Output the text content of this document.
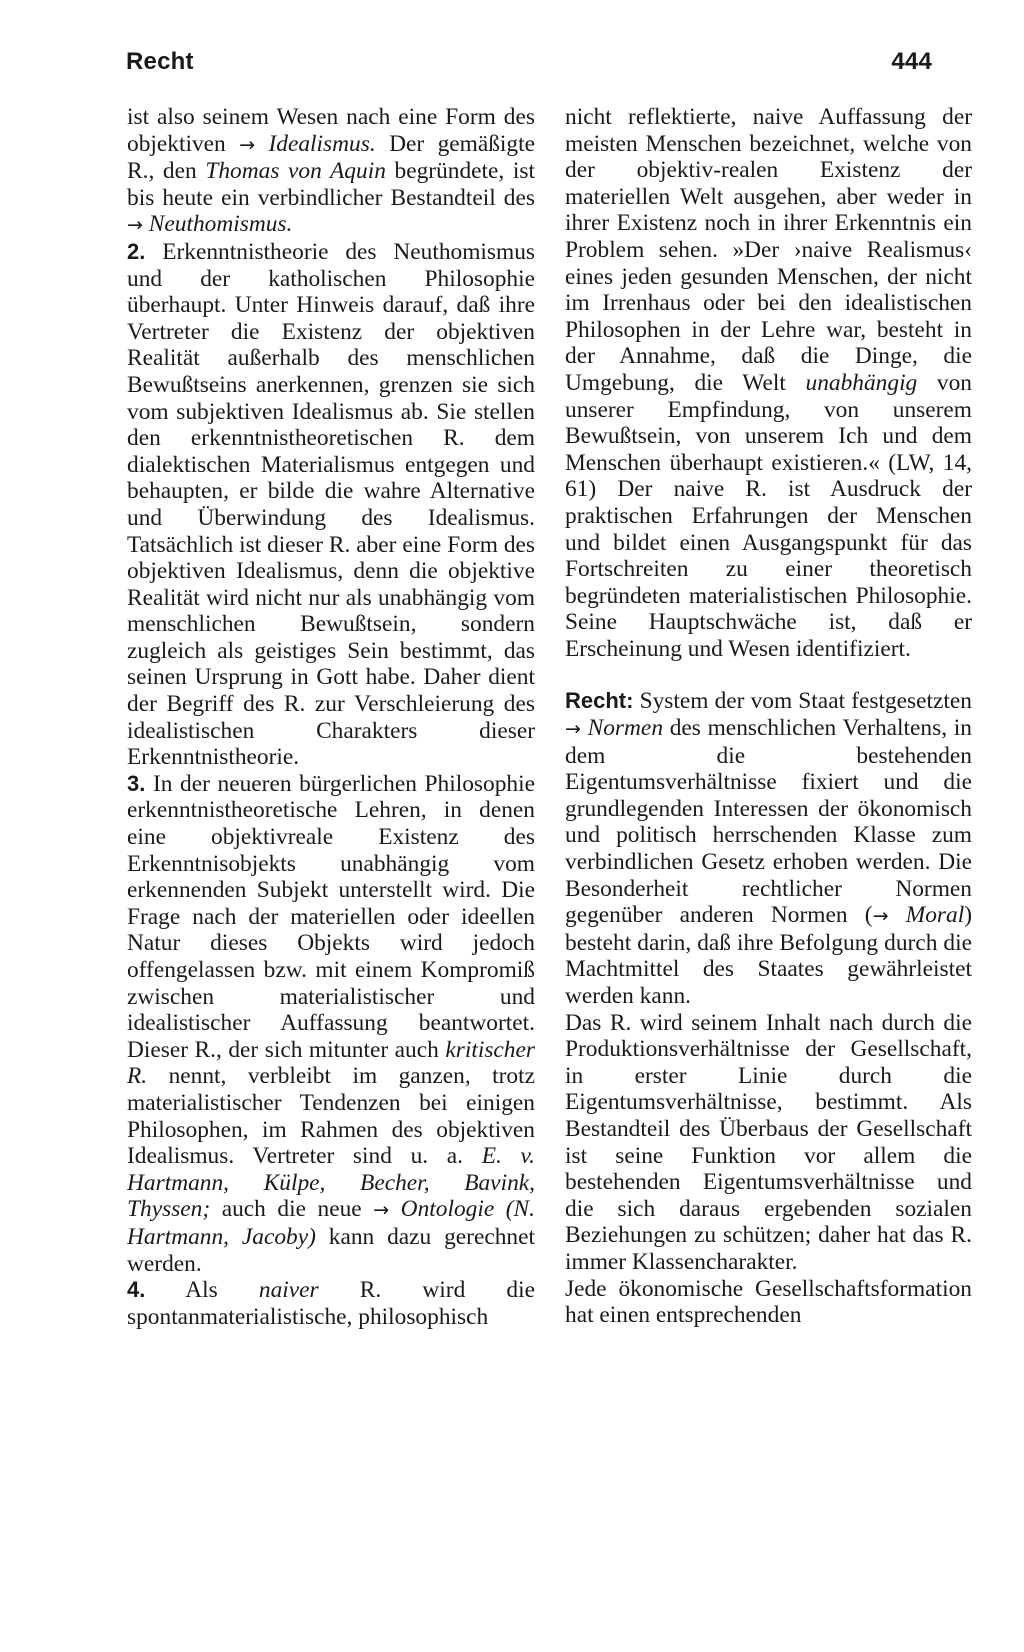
Recht	444

ist also seinem Wesen nach eine Form des objektiven → Idealismus. Der gemäßigte R., den Thomas von Aquin begründete, ist bis heute ein verbindlicher Bestandteil des → Neuthomismus.

2. Erkenntnistheorie des Neuthomismus und der katholischen Philosophie überhaupt. Unter Hinweis darauf, daß ihre Vertreter die Existenz der objektiven Realität außerhalb des menschlichen Bewußtseins anerkennen, grenzen sie sich vom subjektiven Idealismus ab. Sie stellen den erkenntnistheoretischen R. dem dialektischen Materialismus entgegen und behaupten, er bilde die wahre Alternative und Überwindung des Idealismus. Tatsächlich ist dieser R. aber eine Form des objektiven Idealismus, denn die objektive Realität wird nicht nur als unabhängig vom menschlichen Bewußtsein, sondern zugleich als geistiges Sein bestimmt, das seinen Ursprung in Gott habe. Daher dient der Begriff des R. zur Verschleierung des idealistischen Charakters dieser Erkenntnistheorie.

3. In der neueren bürgerlichen Philosophie erkenntnistheoretische Lehren, in denen eine objektivreale Existenz des Erkenntnisobjekts unabhängig vom erkennenden Subjekt unterstellt wird. Die Frage nach der materiellen oder ideellen Natur dieses Objekts wird jedoch offengelassen bzw. mit einem Kompromiß zwischen materialistischer und idealistischer Auffassung beantwortet. Dieser R., der sich mitunter auch kritischer R. nennt, verbleibt im ganzen, trotz materialistischer Tendenzen bei einigen Philosophen, im Rahmen des objektiven Idealismus. Vertreter sind u. a. E. v. Hartmann, Külpe, Becher, Bavink, Thyssen; auch die neue → Ontologie (N. Hartmann, Jacoby) kann dazu gerechnet werden.

4. Als naiver R. wird die spontanmaterialistische, philosophisch

nicht reflektierte, naive Auffassung der meisten Menschen bezeichnet, welche von der objektiv-realen Existenz der materiellen Welt ausgehen, aber weder in ihrer Existenz noch in ihrer Erkenntnis ein Problem sehen. »Der ›naive Realismus‹ eines jeden gesunden Menschen, der nicht im Irrenhaus oder bei den idealistischen Philosophen in der Lehre war, besteht in der Annahme, daß die Dinge, die Umgebung, die Welt unabhängig von unserer Empfindung, von unserem Bewußtsein, von unserem Ich und dem Menschen überhaupt existieren.« (LW, 14, 61) Der naive R. ist Ausdruck der praktischen Erfahrungen der Menschen und bildet einen Ausgangspunkt für das Fortschreiten zu einer theoretisch begründeten materialistischen Philosophie. Seine Hauptschwäche ist, daß er Erscheinung und Wesen identifiziert.

Recht: System der vom Staat festgesetzten → Normen des menschlichen Verhaltens, in dem die bestehenden Eigentumsverhältnisse fixiert und die grundlegenden Interessen der ökonomisch und politisch herrschenden Klasse zum verbindlichen Gesetz erhoben werden. Die Besonderheit rechtlicher Normen gegenüber anderen Normen (→ Moral) besteht darin, daß ihre Befolgung durch die Machtmittel des Staates gewährleistet werden kann.

Das R. wird seinem Inhalt nach durch die Produktionsverhältnisse der Gesellschaft, in erster Linie durch die Eigentumsverhältnisse, bestimmt. Als Bestandteil des Überbaus der Gesellschaft ist seine Funktion vor allem die bestehenden Eigentumsverhältnisse und die sich daraus ergebenden sozialen Beziehungen zu schützen; daher hat das R. immer Klassencharakter.

Jede ökonomische Gesellschaftsformation hat einen entsprechenden
